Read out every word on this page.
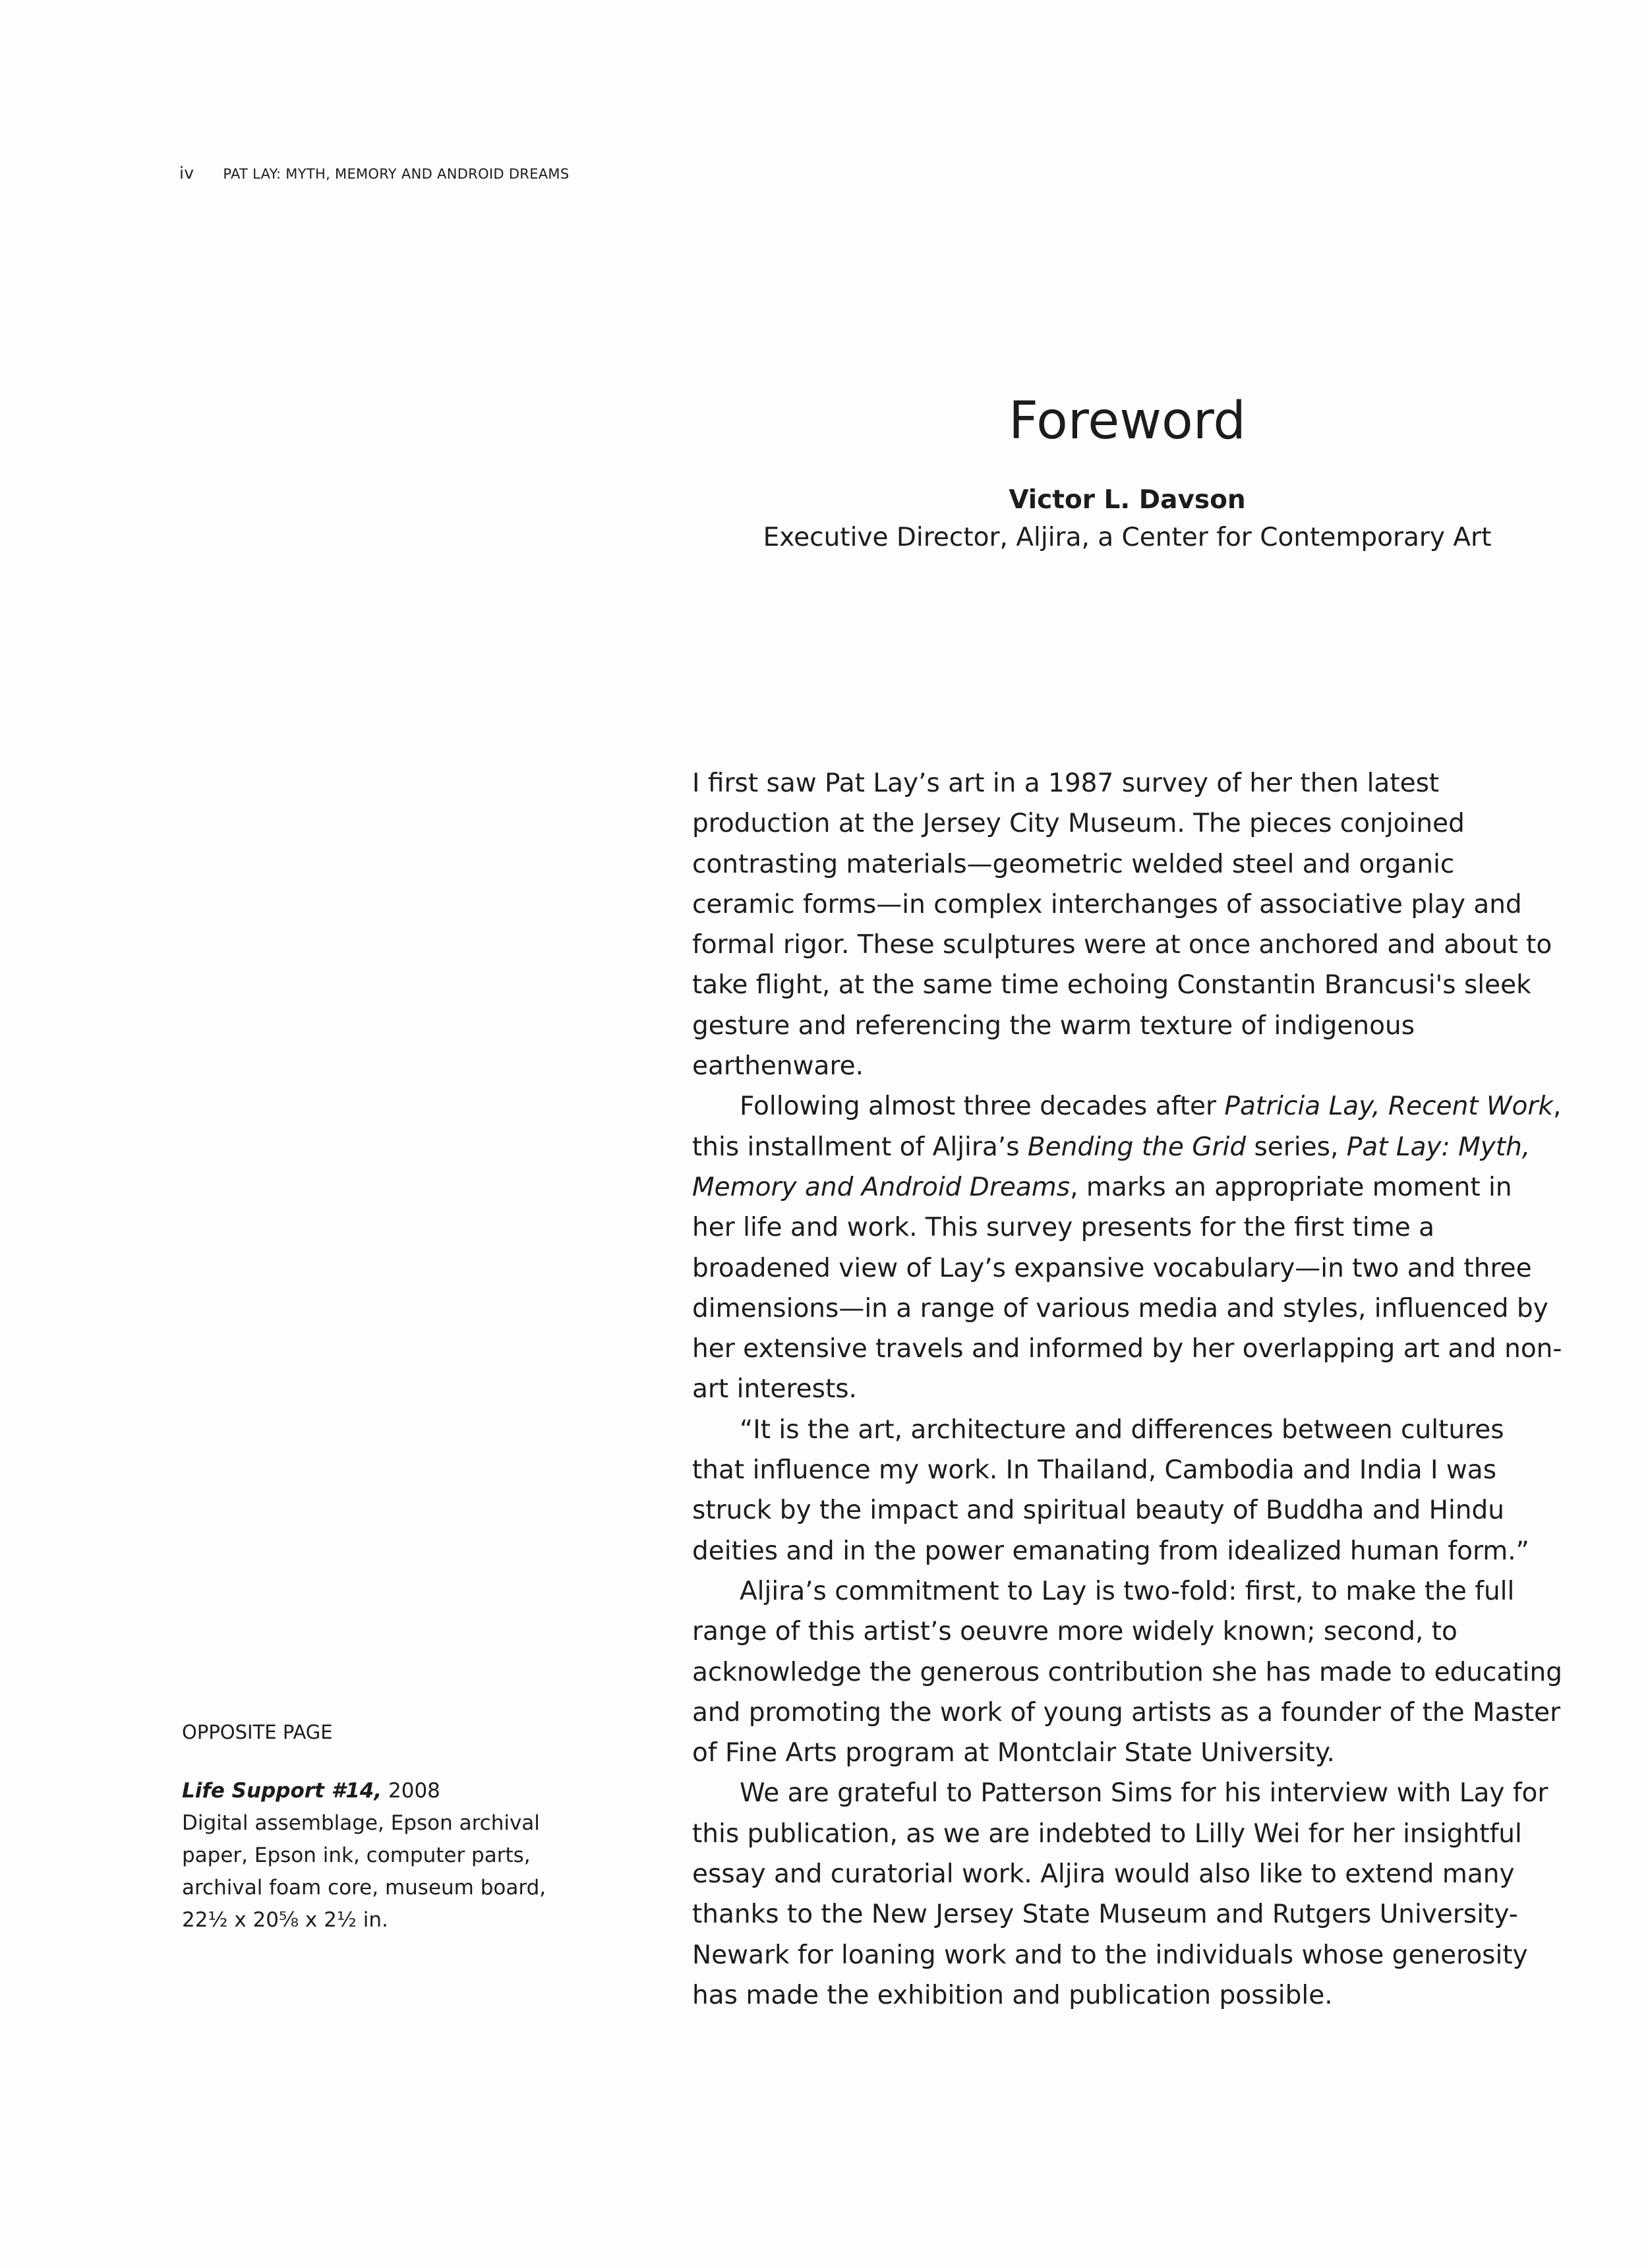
iv PAT LAY: MYTH, MEMORY AND ANDROID DREAMS
Foreword
Victor L. Davson
Executive Director, Aljira, a Center for Contemporary Art

I first saw Pat Lay’s art in a 1987 survey of her then latest production at the Jersey City Museum. The pieces conjoined contrasting materials—geometric welded steel and organic ceramic forms—in complex interchanges of associative play and formal rigor. These sculptures were at once anchored and about to take flight, at the same time echoing Constantin Brancusi's sleek gesture and referencing the warm texture of indigenous earthenware.

Following almost three decades after Patricia Lay, Recent Work, this installment of Aljira’s Bending the Grid series, Pat Lay: Myth, Memory and Android Dreams, marks an appropriate moment in her life and work. This survey presents for the first time a broadened view of Lay’s expansive vocabulary—in two and three dimensions—in a range of various media and styles, influenced by her extensive travels and informed by her overlapping art and non-art interests.

“It is the art, architecture and differences between cultures that influence my work. In Thailand, Cambodia and India I was struck by the impact and spiritual beauty of Buddha and Hindu deities and in the power emanating from idealized human form.”

Aljira’s commitment to Lay is two-fold: first, to make the full range of this artist’s oeuvre more widely known; second, to acknowledge the generous contribution she has made to educating and promoting the work of young artists as a founder of the Master of Fine Arts program at Montclair State University.

We are grateful to Patterson Sims for his interview with Lay for this publication, as we are indebted to Lilly Wei for her insightful essay and curatorial work. Aljira would also like to extend many thanks to the New Jersey State Museum and Rutgers University-Newark for loaning work and to the individuals whose generosity has made the exhibition and publication possible.

OPPOSITE PAGE
Life Support #14, 2008
Digital assemblage, Epson archival
paper, Epson ink, computer parts,
archival foam core, museum board,
22½ x 20⅝ x 2½ in.
